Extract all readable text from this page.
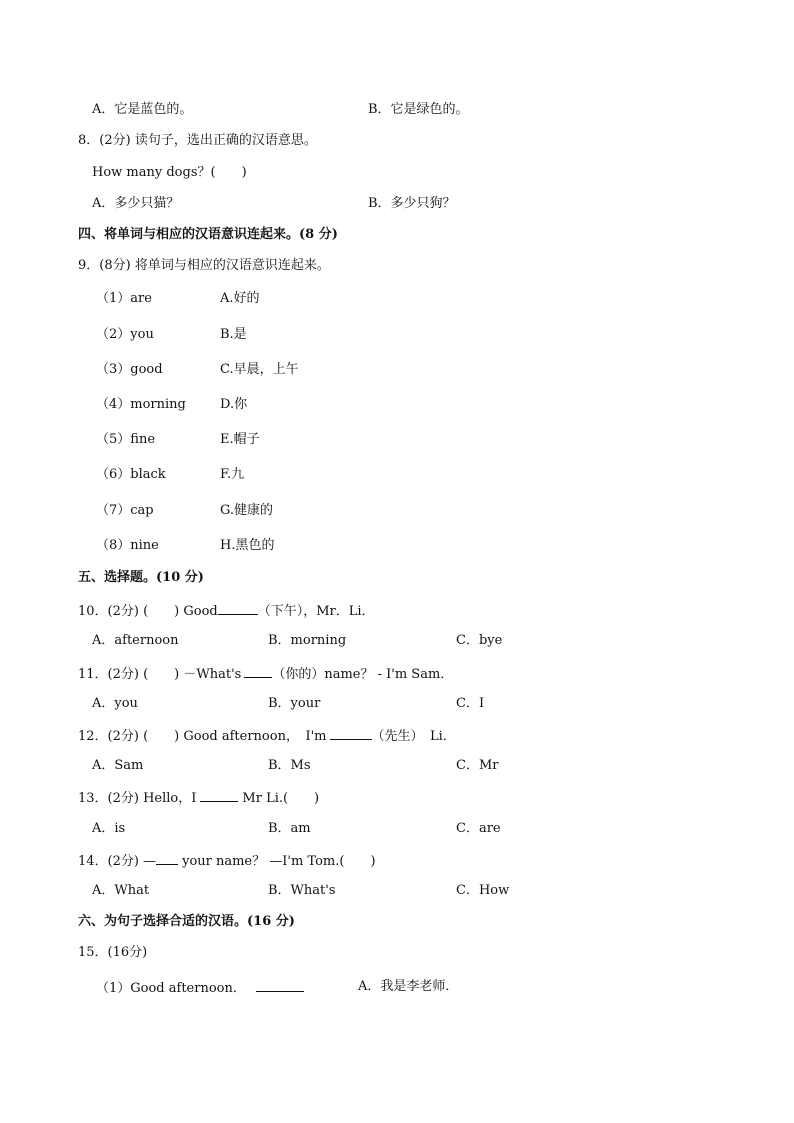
A．它是蓝色的。	B．它是绿色的。
8．(2分) 读句子，选出正确的汉语意思。
How many dogs？(　　)
A．多少只猫？	B．多少只狗？
四、将单词与相应的汉语意识连起来。(8 分)
9．(8分) 将单词与相应的汉语意识连起来。
（1）are	A.好的
（2）you	B.是
（3）good	C.早晨，上午
（4）morning	D.你
（5）fine	E.帽子
（6）black	F.九
（7）cap	G.健康的
（8）nine	H.黑色的
五、选择题。(10 分)
10．(2分) (　　) Good	（下午），Mr．Li．
A．afternoon	B．morning	C．bye
11．(2分) (　　) －What's （你的）name？ - I'm Sam．
A．you	B．your	C．I
12．(2分) (　　) Good afternoon，　I'm	（先生）　Li．
A．Sam	B．Ms	C．Mr
13．(2分) Hello，I	Mr Li.(　　)
A．is	B．am	C．are
14．(2分) — your name？ —I'm Tom.(　　)
A．What	B．What's	C．How
六、为句子选择合适的汉语。(16 分)
15．(16分)
（1）Good afternoon．	A．我是李老师．
